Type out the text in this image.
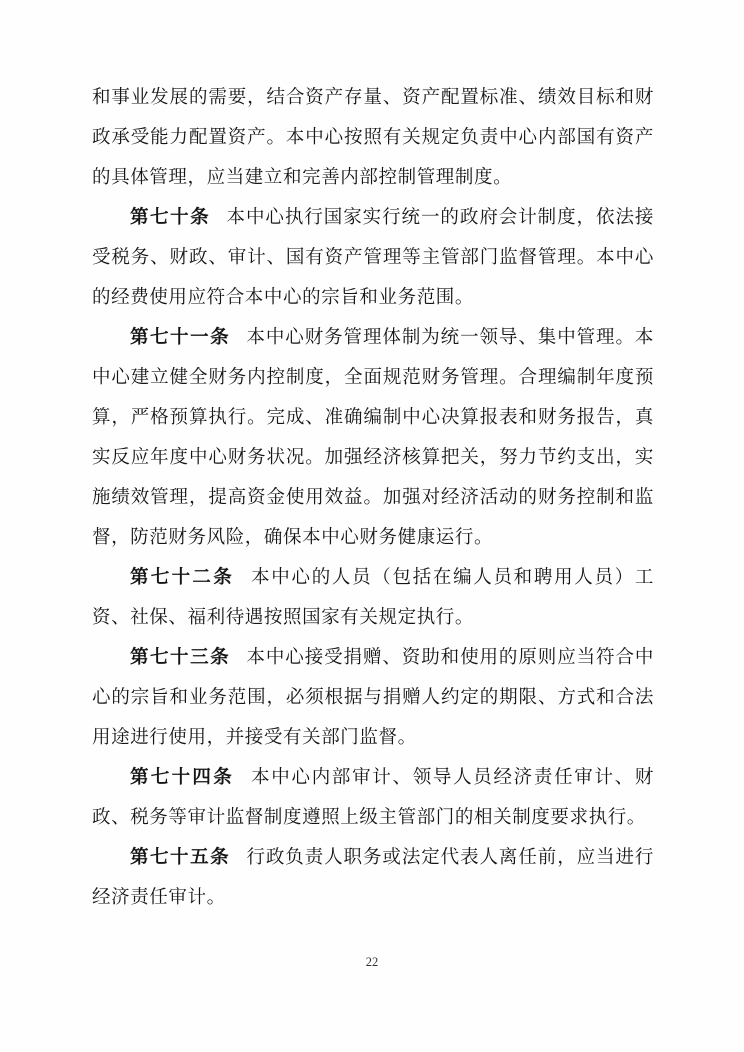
和事业发展的需要，结合资产存量、资产配置标准、绩效目标和财政承受能力配置资产。本中心按照有关规定负责中心内部国有资产的具体管理，应当建立和完善内部控制管理制度。

第七十条 本中心执行国家实行统一的政府会计制度，依法接受税务、财政、审计、国有资产管理等主管部门监督管理。本中心的经费使用应符合本中心的宗旨和业务范围。

第七十一条 本中心财务管理体制为统一领导、集中管理。本中心建立健全财务内控制度，全面规范财务管理。合理编制年度预算，严格预算执行。完成、准确编制中心决算报表和财务报告，真实反应年度中心财务状况。加强经济核算把关，努力节约支出，实施绩效管理，提高资金使用效益。加强对经济活动的财务控制和监督，防范财务风险，确保本中心财务健康运行。

第七十二条 本中心的人员（包括在编人员和聘用人员）工资、社保、福利待遇按照国家有关规定执行。

第七十三条 本中心接受捐赠、资助和使用的原则应当符合中心的宗旨和业务范围，必须根据与捐赠人约定的期限、方式和合法用途进行使用，并接受有关部门监督。

第七十四条 本中心内部审计、领导人员经济责任审计、财政、税务等审计监督制度遵照上级主管部门的相关制度要求执行。

第七十五条 行政负责人职务或法定代表人离任前，应当进行经济责任审计。

22
